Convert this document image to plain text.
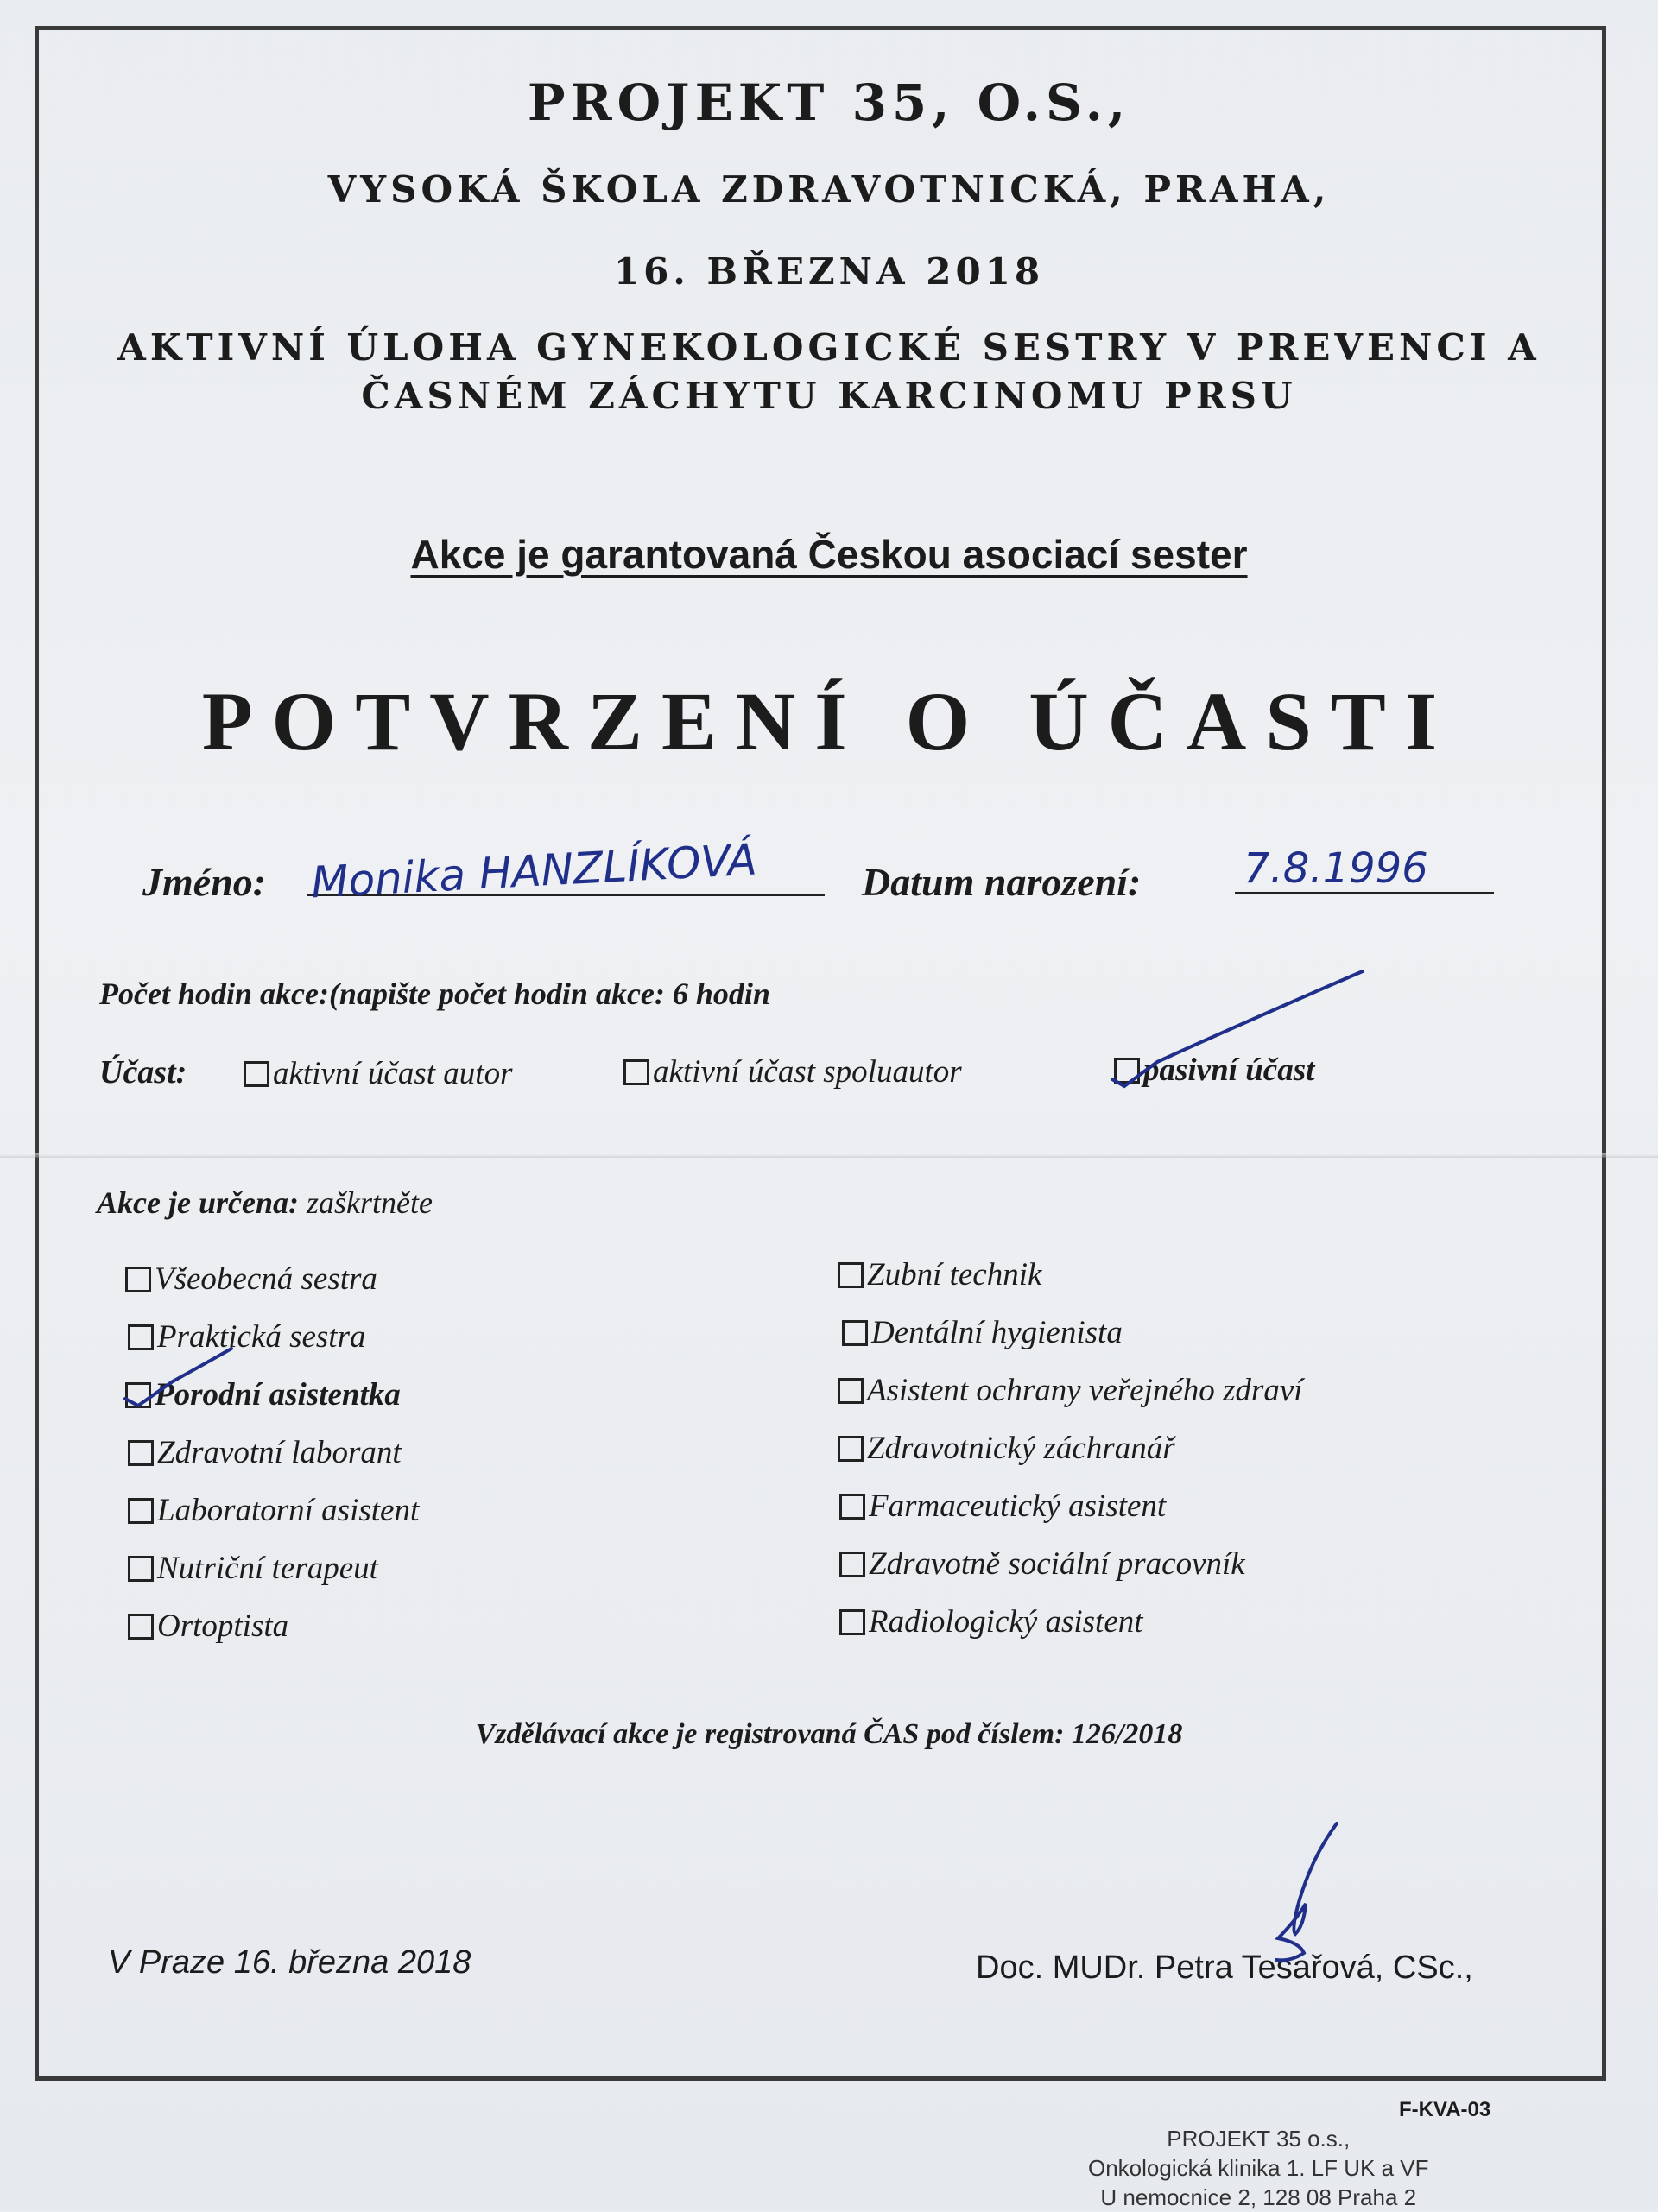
PROJEKT 35, O.S.,
VYSOKÁ ŠKOLA ZDRAVOTNICKÁ, PRAHA,
16. BŘEZNA 2018
AKTIVNÍ ÚLOHA GYNEKOLOGICKÉ SESTRY V PREVENCI A
ČASNÉM ZÁCHYTU KARCINOMU PRSU
Akce je garantovaná Českou asociací sester
POTVRZENÍ O ÚČASTI
Jméno: Monika HANZLÍKOVÁ	Datum narození: 7.8.1996
Počet hodin akce:(napište počet hodin akce: 6 hodin
Účast:	aktivní účast autor	aktivní účast spoluautor	pasivní účast
Akce je určena: zaškrtněte
Všeobecná sestra
Praktická sestra
Porodní asistentka
Zdravotní laborant
Laboratorní asistent
Nutriční terapeut
Ortoptista
Zubní technik
Dentální hygienista
Asistent ochrany veřejného zdraví
Zdravotnický záchranář
Farmaceutický asistent
Zdravotně sociální pracovník
Radiologický asistent
Vzdělávací akce je registrovaná ČAS pod číslem: 126/2018
V Praze 16. března 2018	Doc. MUDr. Petra Tesařová, CSc.,
F-KVA-03
PROJEKT 35 o.s.,
Onkologická klinika 1. LF UK a VF
U nemocnice 2, 128 08 Praha 2
